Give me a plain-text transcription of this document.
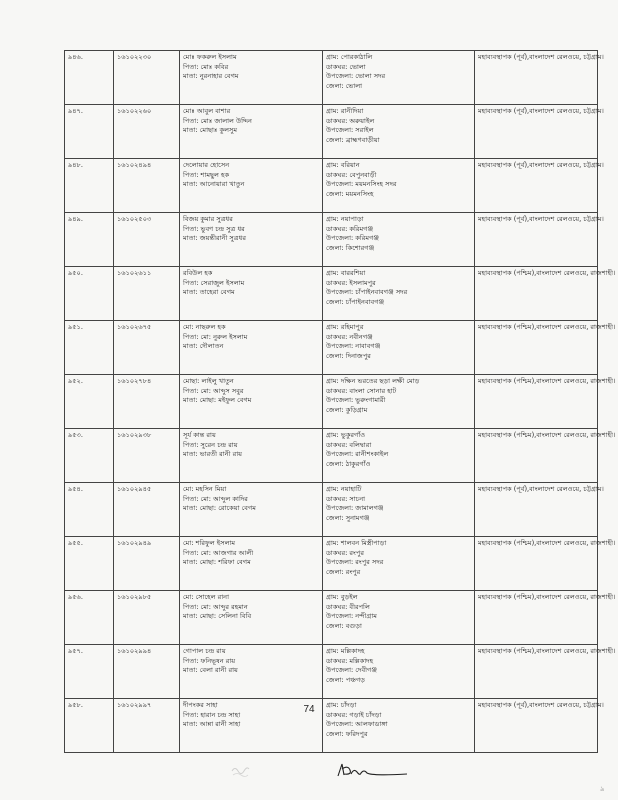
৯৪৬.	১৬১০২২৩০	মোঃ ফকরুল ইসলাম
পিতা: মোঃ কবির
মাতা: নুরনাহার বেগম	গ্রাম: পোরকাঠালি
ডাকঘর: ভোলা
উপজেলা: ভোলা সদর
জেলা: ভোলা	মহাব্যবস্থাপক (পূর্ব),বাংলাদেশ রেলওয়ে, চট্টগ্রাম।

৯৪৭.	১৬১০২২৬০	মোঃ আবুল বাশার
পিতা: মোঃ জালাল উদ্দিন
মাতা: মোছাঃ কুলসুম	গ্রাম: রানীদিয়া
ডাকঘর: অরুয়াইল
উপজেলা: সরাইল
জেলা: ব্রাহ্মণবাড়ীয়া	মহাব্যবস্থাপক (পূর্ব),বাংলাদেশ রেলওয়ে, চট্টগ্রাম।

৯৪৮.	১৬১০২৪৯৪	দেলোয়ার হোসেন
পিতা: শামছুল হক
মাতা: আনোয়ারা খাতুন	গ্রাম: বরিয়ান
ডাকঘর: বেপুনবাড়ী
উপজেলা: ময়মনসিংহ সদর
জেলা: ময়মনসিংহ	মহাব্যবস্থাপক (পূর্ব),বাংলাদেশ রেলওয়ে, চট্টগ্রাম।

৯৪৯.	১৬১০২৫০৩	বিজয় কুমার সুত্রধর
পিতা: ভুবণ চন্দ্র সুত্র ধর
মাতা: জয়ন্তীরানী সুত্রধর	গ্রাম: নয়াপাড়া
ডাকঘর: করিমগঞ্জ
উপজেলা: করিমগঞ্জ
জেলা: কিশোরগঞ্জ	মহাব্যবস্থাপক (পূর্ব),বাংলাদেশ রেলওয়ে, চট্টগ্রাম।

৯৫০.	১৬১০২৬১১	রবিউল হক
পিতা: সেরাজুল ইসলাম
মাতা: তাহেরা বেগম	গ্রাম: বাররশিয়া
ডাকঘর: ইসলামপুর
উপজেলা: চাঁপাইনবাবগঞ্জ সদর
জেলা: চাঁপাইনবাবগঞ্জ	মহাব্যবস্থাপক (পশ্চিম),বাংলাদেশ রেলওয়ে, রাজশাহী।

৯৫১.	১৬১০২৬৭৫	মো: নাছরুল হক
পিতা: মো: নুরুল ইসলাম
মাতা: দৌলাতন	গ্রাম: রহিমাপুর
ডাকঘর: নবীনগঞ্জ
উপজেলা: নাবাবগঞ্জ
জেলা: দিনাজপুর	মহাব্যবস্থাপক (পশ্চিম),বাংলাদেশ রেলওয়ে, রাজশাহী।

৯৫২.	১৬১০২৭৮৪	মোছা: লাইলু খাতুন
পিতা: মো: আব্দুস সবুর
মাতা: মোছা: মইফুল বেগম	গ্রাম: দক্ষিন ভরতের ছড়া লক্ষী মোড়
ডাকঘর: বাংলা সোনার হাট
উপজেলা: ভুরুংগামারী
জেলা: কুড়িগ্রাম	মহাব্যবস্থাপক (পশ্চিম),বাংলাদেশ রেলওয়ে, রাজশাহী।

৯৫৩.	১৬১০২৯৩৮	সূর্য কান্ত রায়
পিতা: সুরেন চন্দ্র রায়
মাতা: ভারতী রানী রায়	গ্রাম: ভুকুরগাঁও
ডাকঘর: বলিদ্বারা
উপজেলা: রানীশংকাইল
জেলা: ঠাকুরগাঁও	মহাব্যবস্থাপক (পশ্চিম),বাংলাদেশ রেলওয়ে, রাজশাহী।

৯৫৪.	১৬১০২৯৪৫	মো: মহসিন মিয়া
পিতা: মো: আব্দুল কাদির
মাতা: মোছা: রোকেয়া বেগম	গ্রাম: নয়াহাটি
ডাকঘর: সাচনা
উপজেলা: জামালগঞ্জ
জেলা: সুনামগঞ্জ	মহাব্যবস্থাপক (পূর্ব),বাংলাদেশ রেলওয়ে, চট্টগ্রাম।

৯৫৫.	১৬১০২৯৪৯	মো: শরিফুল ইসলাম
পিতা: মো: আজগার আলী
মাতা: মোছা: শরিফা বেগম	গ্রাম: শালবন মিস্ত্রীপাড়া
ডাকঘর: রংপুর
উপজেলা: রংপুর সদর
জেলা: রংপুর	মহাব্যবস্থাপক (পশ্চিম),বাংলাদেশ রেলওয়ে, রাজশাহী।

৯৫৬.	১৬১০২৯৮৫	মো: সোহেল রানা
পিতা: মো: আব্দুর রহমান
মাতা: মোছা: সেলিনা বিবি	গ্রাম: বুড়ইল
ডাকঘর: বীরপলি
উপজেলা: নন্দীগ্রাম
জেলা: বগুড়া	মহাব্যবস্থাপক (পশ্চিম),বাংলাদেশ রেলওয়ে, রাজশাহী।

৯৫৭.	১৬১০২৯৯৪	গোপাল চন্দ্র রায়
পিতা: ফনিভূষন রায়
মাতা: বেলা রানী রায়	গ্রাম: মল্লিকাদহ
ডাকঘর: মল্লিকাদহ
উপজেলা: দেবীগঞ্জ
জেলা: পঞ্চগড়	মহাব্যবস্থাপক (পশ্চিম),বাংলাদেশ রেলওয়ে, রাজশাহী।

৯৫৮.	১৬১০২৯৯৭	দীপংকর সাহা
পিতা: হারান চন্দ্র সাহা
মাতা: আন্না রানী সাহা	গ্রাম: চাঁদড়া
ডাকঘর: গড়াই চাঁদড়া
উপজেলা: আলফাডাঙ্গা
জেলা: ফরিদপুর	মহাব্যবস্থাপক (পূর্ব),বাংলাদেশ রেলওয়ে, চট্টগ্রাম।
74
৯
